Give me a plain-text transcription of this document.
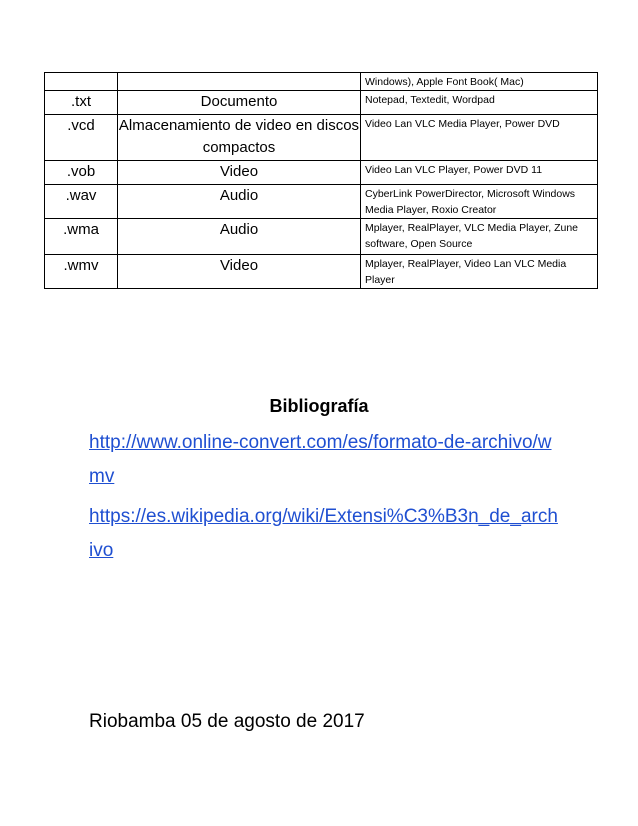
		Windows), Apple Font Book( Mac)
.txt	Documento	Notepad, Textedit, Wordpad
.vcd	Almacenamiento de video en discos compactos	Video Lan VLC Media Player, Power DVD
.vob	Video	Video Lan VLC Player, Power DVD 11
.wav	Audio	CyberLink PowerDirector, Microsoft Windows Media Player, Roxio Creator
.wma	Audio	Mplayer, RealPlayer, VLC Media Player, Zune software, Open Source
.wmv	Video	Mplayer, RealPlayer, Video Lan VLC Media Player
Bibliografía
http://www.online-convert.com/es/formato-de-archivo/wmv
https://es.wikipedia.org/wiki/Extensi%C3%B3n_de_archivo
Riobamba 05 de agosto de 2017
